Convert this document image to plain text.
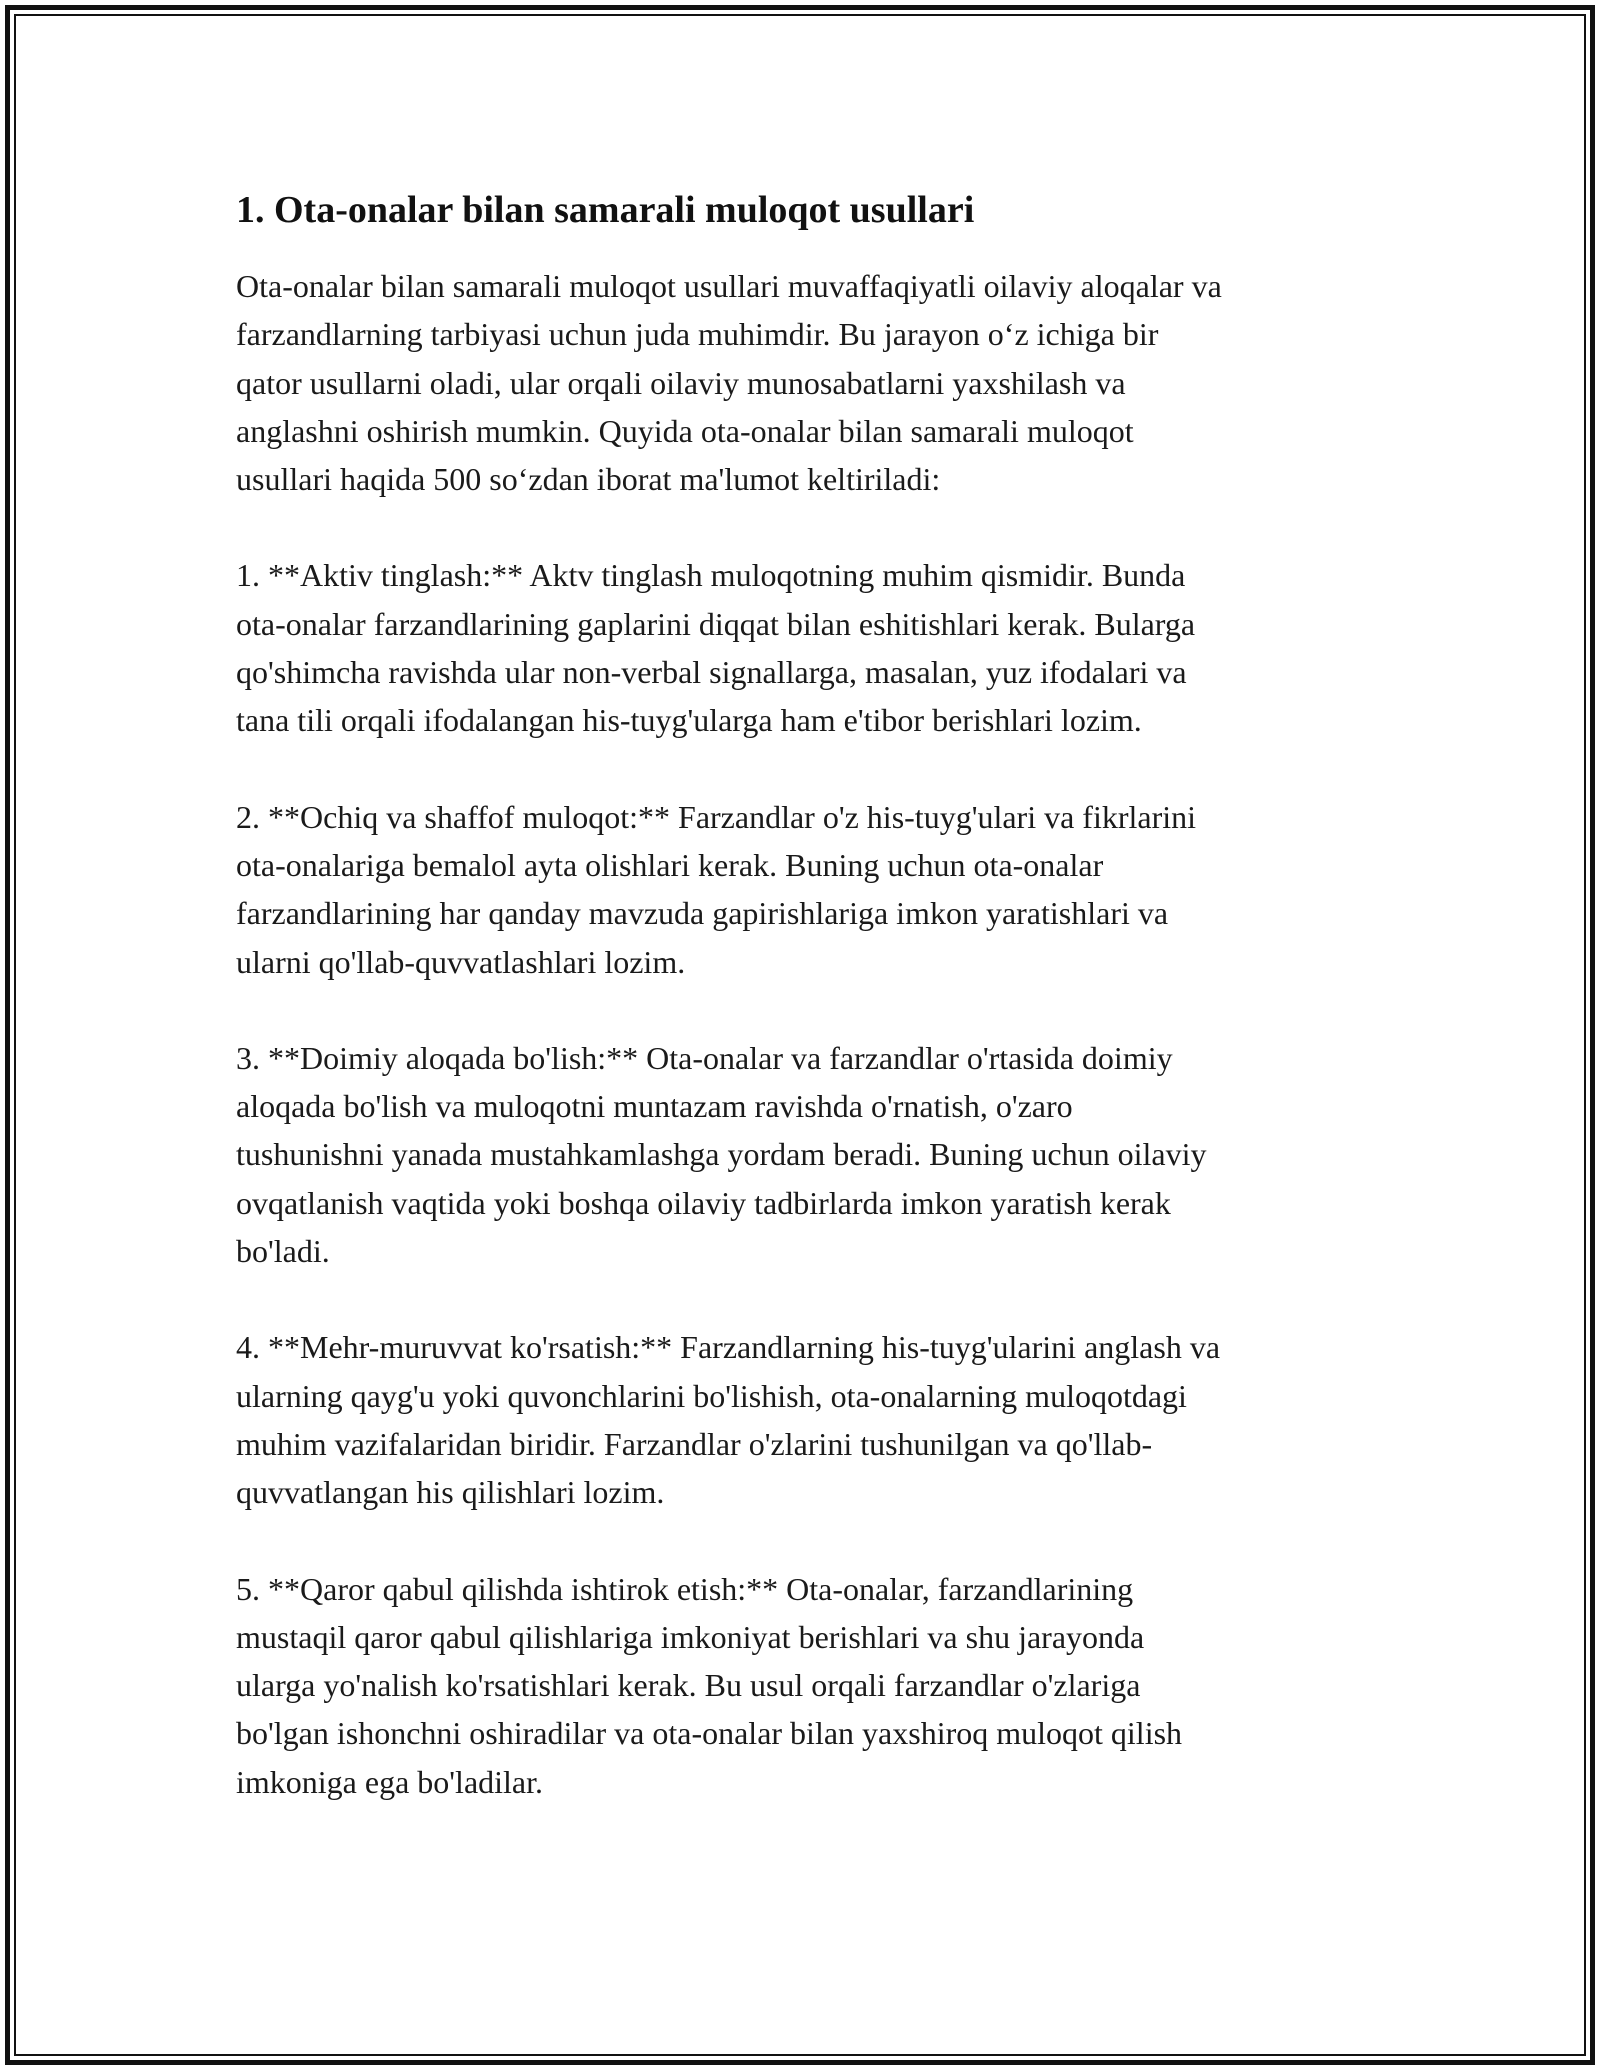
1. Ota-onalar bilan samarali muloqot usullari

Ota-onalar bilan samarali muloqot usullari muvaffaqiyatli oilaviy aloqalar va
farzandlarning tarbiyasi uchun juda muhimdir. Bu jarayon o‘z ichiga bir
qator usullarni oladi, ular orqali oilaviy munosabatlarni yaxshilash va
anglashni oshirish mumkin. Quyida ota-onalar bilan samarali muloqot
usullari haqida 500 so‘zdan iborat ma'lumot keltiriladi:

1. **Aktiv tinglash:** Aktv tinglash muloqotning muhim qismidir. Bunda
ota-onalar farzandlarining gaplarini diqqat bilan eshitishlari kerak. Bularga
qo'shimcha ravishda ular non-verbal signallarga, masalan, yuz ifodalari va
tana tili orqali ifodalangan his-tuyg'ularga ham e'tibor berishlari lozim.

2. **Ochiq va shaffof muloqot:** Farzandlar o'z his-tuyg'ulari va fikrlarini
ota-onalariga bemalol ayta olishlari kerak. Buning uchun ota-onalar
farzandlarining har qanday mavzuda gapirishlariga imkon yaratishlari va
ularni qo'llab-quvvatlashlari lozim.

3. **Doimiy aloqada bo'lish:** Ota-onalar va farzandlar o'rtasida doimiy
aloqada bo'lish va muloqotni muntazam ravishda o'rnatish, o'zaro
tushunishni yanada mustahkamlashga yordam beradi. Buning uchun oilaviy
ovqatlanish vaqtida yoki boshqa oilaviy tadbirlarda imkon yaratish kerak
bo'ladi.

4. **Mehr-muruvvat ko'rsatish:** Farzandlarning his-tuyg'ularini anglash va
ularning qayg'u yoki quvonchlarini bo'lishish, ota-onalarning muloqotdagi
muhim vazifalaridan biridir. Farzandlar o'zlarini tushunilgan va qo'llab-
quvvatlangan his qilishlari lozim.

5. **Qaror qabul qilishda ishtirok etish:** Ota-onalar, farzandlarining
mustaqil qaror qabul qilishlariga imkoniyat berishlari va shu jarayonda
ularga yo'nalish ko'rsatishlari kerak. Bu usul orqali farzandlar o'zlariga
bo'lgan ishonchni oshiradilar va ota-onalar bilan yaxshiroq muloqot qilish
imkoniga ega bo'ladilar.
